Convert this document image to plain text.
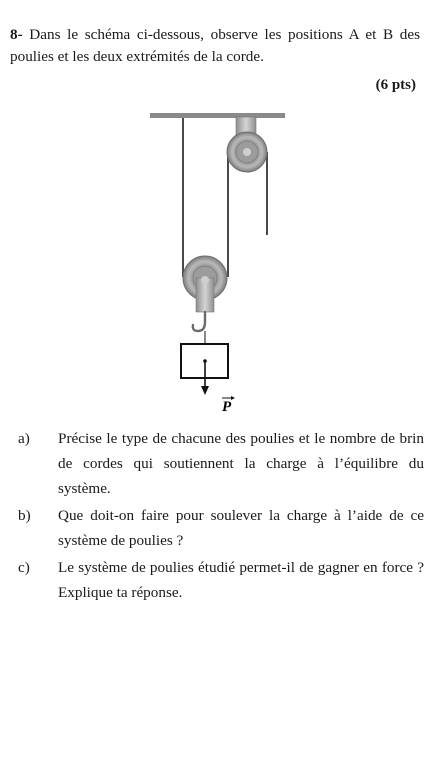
8- Dans le schéma ci-dessous, observe les positions A et B des poulies et les deux extrémités de la corde.
(6 pts)
P
a) Précise le type de chacune des poulies et le nombre de brin de cordes qui soutiennent la charge à l’équilibre du système.
b) Que doit-on faire pour soulever la charge à l’aide de ce système de poulies ?
c) Le système de poulies étudié permet-il de gagner en force ? Explique ta réponse.
